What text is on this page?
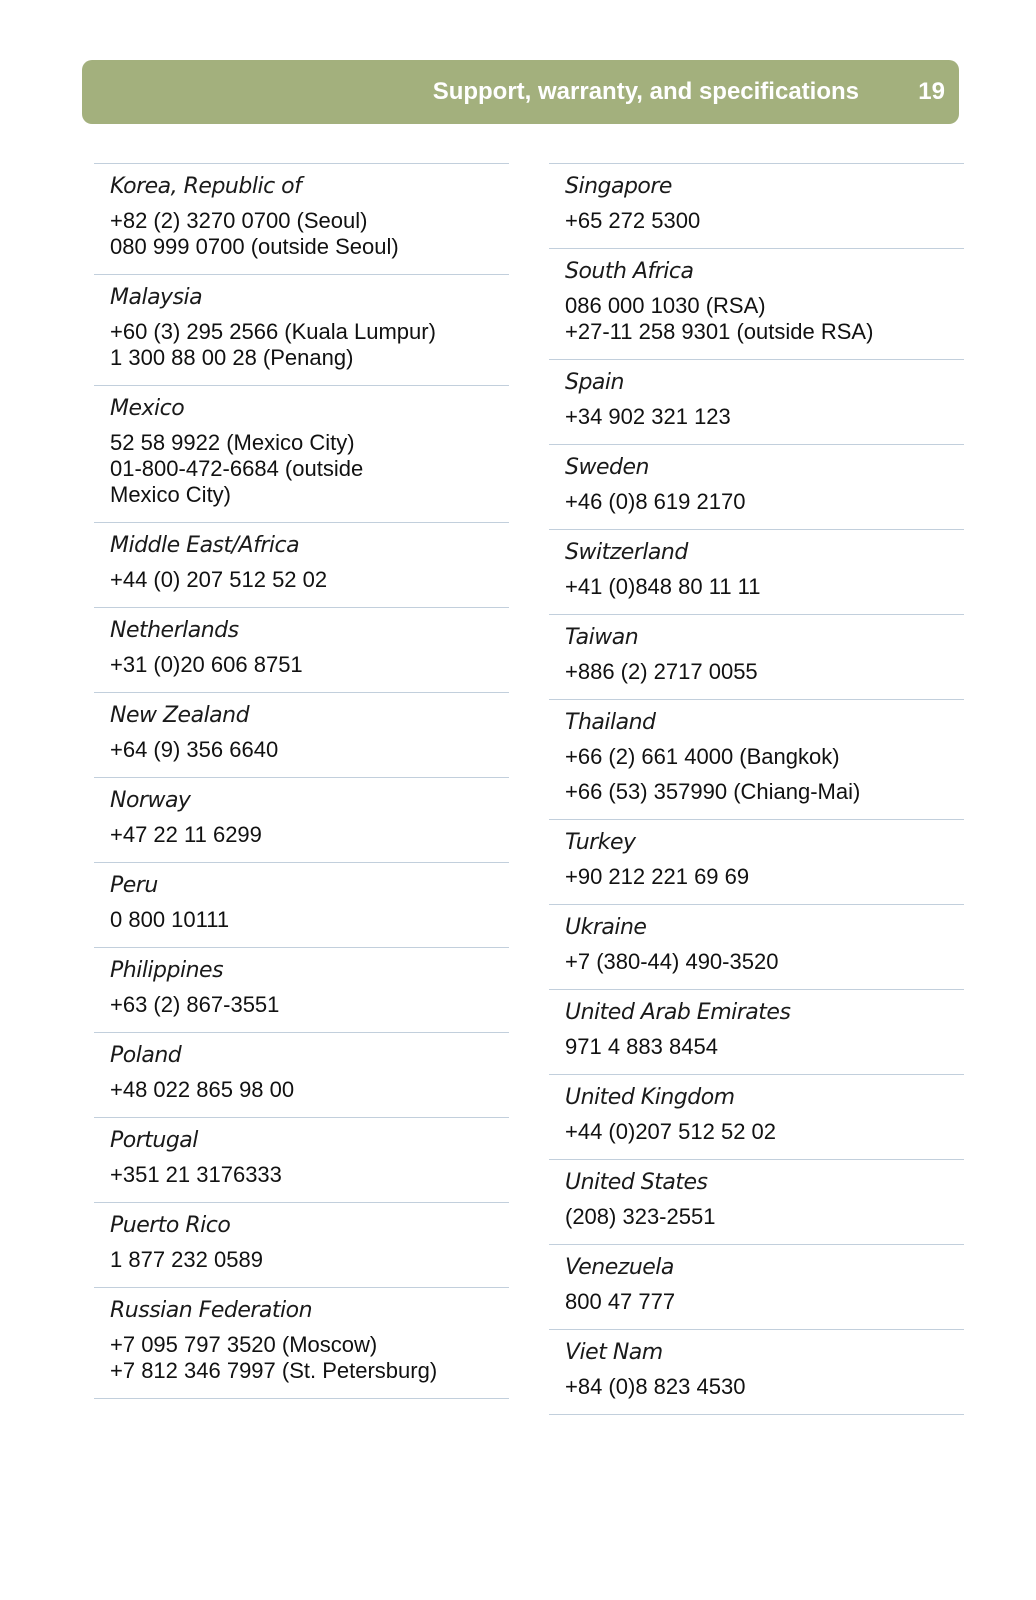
Support, warranty, and specifications 19
Korea, Republic of
+82 (2) 3270 0700 (Seoul)
080 999 0700 (outside Seoul)
Malaysia
+60 (3) 295 2566 (Kuala Lumpur)
1 300 88 00 28 (Penang)
Mexico
52 58 9922 (Mexico City)
01-800-472-6684 (outside
Mexico City)
Middle East/Africa
+44 (0) 207 512 52 02
Netherlands
+31 (0)20 606 8751
New Zealand
+64 (9) 356 6640
Norway
+47 22 11 6299
Peru
0 800 10111
Philippines
+63 (2) 867-3551
Poland
+48 022 865 98 00
Portugal
+351 21 3176333
Puerto Rico
1 877 232 0589
Russian Federation
+7 095 797 3520 (Moscow)
+7 812 346 7997 (St. Petersburg)
Singapore
+65 272 5300
South Africa
086 000 1030 (RSA)
+27-11 258 9301 (outside RSA)
Spain
+34 902 321 123
Sweden
+46 (0)8 619 2170
Switzerland
+41 (0)848 80 11 11
Taiwan
+886 (2) 2717 0055
Thailand
+66 (2) 661 4000 (Bangkok)
+66 (53) 357990 (Chiang-Mai)
Turkey
+90 212 221 69 69
Ukraine
+7 (380-44) 490-3520
United Arab Emirates
971 4 883 8454
United Kingdom
+44 (0)207 512 52 02
United States
(208) 323-2551
Venezuela
800 47 777
Viet Nam
+84 (0)8 823 4530
